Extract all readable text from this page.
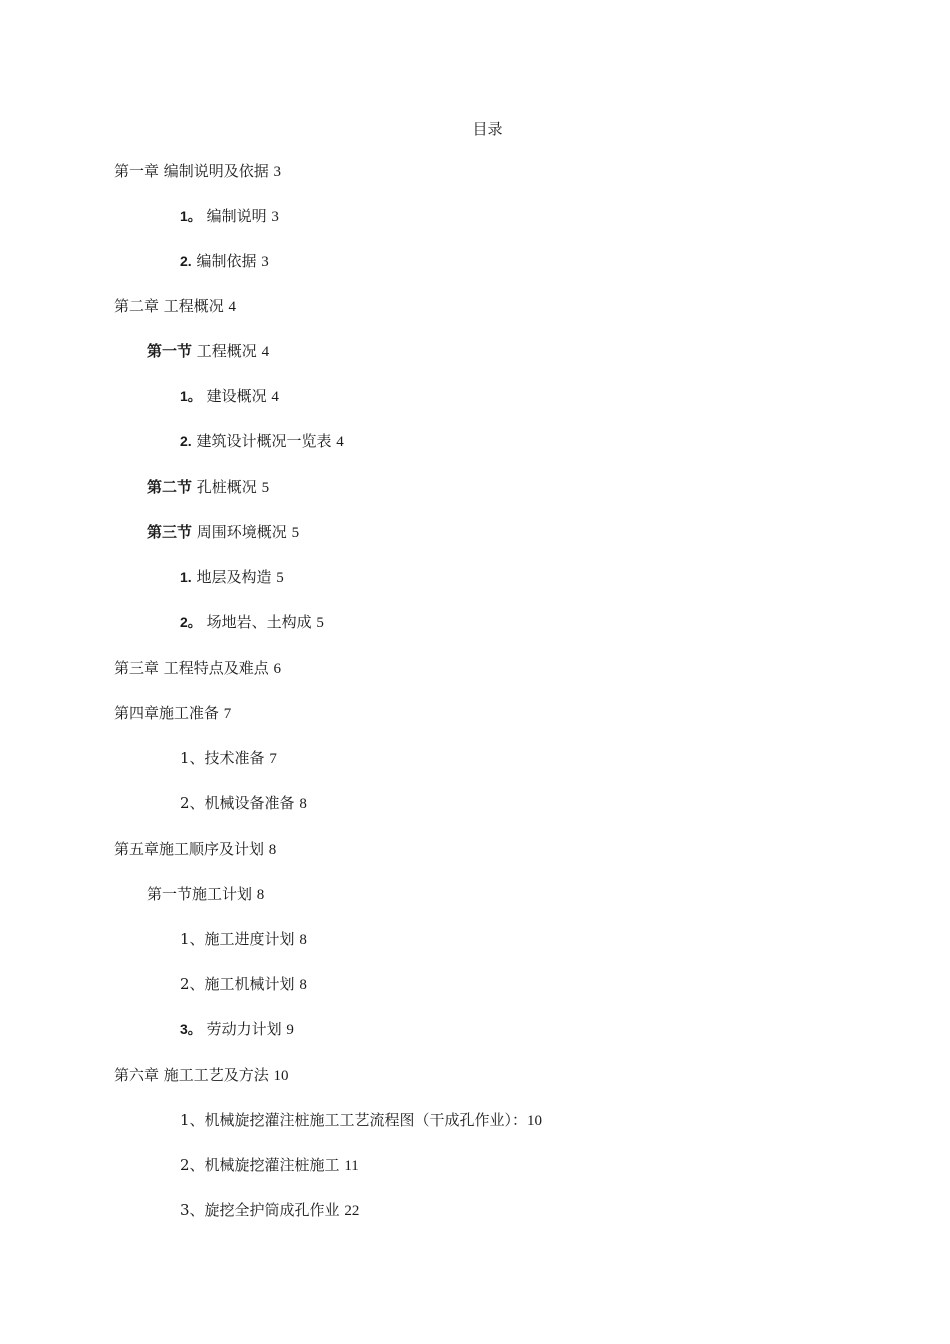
目录
第一章 编制说明及依据 3
1。 编制说明 3
2. 编制依据 3
第二章 工程概况 4
第一节 工程概况 4
1。 建设概况 4
2. 建筑设计概况一览表 4
第二节 孔桩概况 5
第三节 周围环境概况 5
1. 地层及构造 5
2。 场地岩、土构成 5
第三章 工程特点及难点 6
第四章施工准备 7
1、技术准备 7
2、机械设备准备 8
第五章施工顺序及计划 8
第一节施工计划 8
1、施工进度计划 8
2、施工机械计划 8
3。 劳动力计划 9
第六章 施工工艺及方法 10
1、机械旋挖灌注桩施工工艺流程图（干成孔作业）：10
2、机械旋挖灌注桩施工 11
3、旋挖全护筒成孔作业 22
